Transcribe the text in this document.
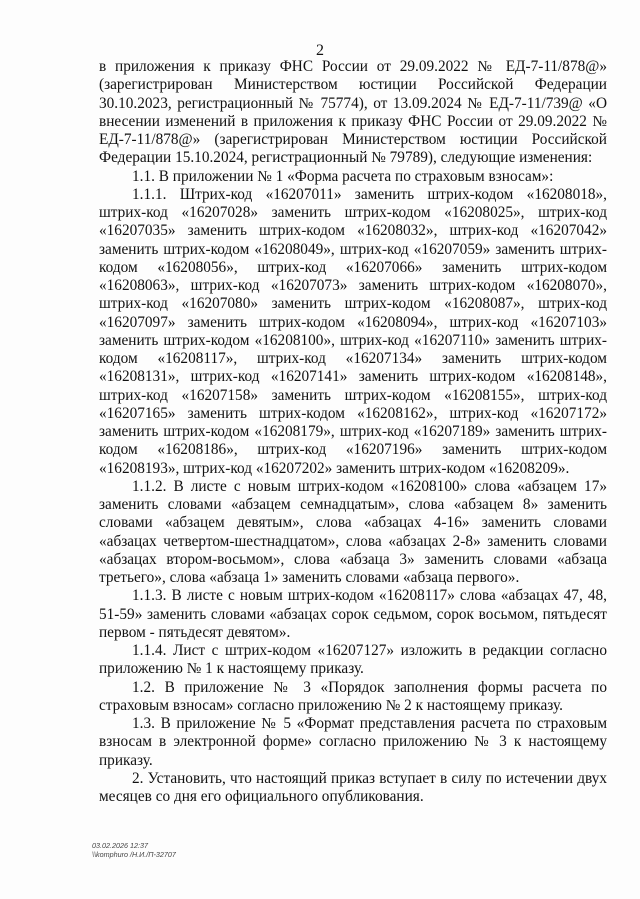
2

в приложения к приказу ФНС России от 29.09.2022 № ЕД-7-11/878@» (зарегистрирован Министерством юстиции Российской Федерации 30.10.2023, регистрационный № 75774), от 13.09.2024 № ЕД-7-11/739@ «О внесении изменений в приложения к приказу ФНС России от 29.09.2022 № ЕД-7-11/878@» (зарегистрирован Министерством юстиции Российской Федерации 15.10.2024, регистрационный № 79789), следующие изменения:

1.1. В приложении № 1 «Форма расчета по страховым взносам»:

1.1.1. Штрих-код «16207011» заменить штрих-кодом «16208018», штрих-код «16207028» заменить штрих-кодом «16208025», штрих-код «16207035» заменить штрих-кодом «16208032», штрих-код «16207042» заменить штрих-кодом «16208049», штрих-код «16207059» заменить штрих-кодом «16208056», штрих-код «16207066» заменить штрих-кодом «16208063», штрих-код «16207073» заменить штрих-кодом «16208070», штрих-код «16207080» заменить штрих-кодом «16208087», штрих-код «16207097» заменить штрих-кодом «16208094», штрих-код «16207103» заменить штрих-кодом «16208100», штрих-код «16207110» заменить штрих-кодом «16208117», штрих-код «16207134» заменить штрих-кодом «16208131», штрих-код «16207141» заменить штрих-кодом «16208148», штрих-код «16207158» заменить штрих-кодом «16208155», штрих-код «16207165» заменить штрих-кодом «16208162», штрих-код «16207172» заменить штрих-кодом «16208179», штрих-код «16207189» заменить штрих-кодом «16208186», штрих-код «16207196» заменить штрих-кодом «16208193», штрих-код «16207202» заменить штрих-кодом «16208209».

1.1.2. В листе с новым штрих-кодом «16208100» слова «абзацем 17» заменить словами «абзацем семнадцатым», слова «абзацем 8» заменить словами «абзацем девятым», слова «абзацах 4-16» заменить словами «абзацах четвертом-шестнадцатом», слова «абзацах 2-8» заменить словами «абзацах втором-восьмом», слова «абзаца 3» заменить словами «абзаца третьего», слова «абзаца 1» заменить словами «абзаца первого».

1.1.3. В листе с новым штрих-кодом «16208117» слова «абзацах 47, 48, 51-59» заменить словами «абзацах сорок седьмом, сорок восьмом, пятьдесят первом - пятьдесят девятом».

1.1.4. Лист с штрих-кодом «16207127» изложить в редакции согласно приложению № 1 к настоящему приказу.

1.2. В приложение № 3 «Порядок заполнения формы расчета по страховым взносам» согласно приложению № 2 к настоящему приказу.

1.3. В приложение № 5 «Формат представления расчета по страховым взносам в электронной форме» согласно приложению № 3 к настоящему приказу.

2. Установить, что настоящий приказ вступает в силу по истечении двух месяцев со дня его официального опубликования.

03.02.2026 12:37
\\komphuro /Н.И./П-32707
